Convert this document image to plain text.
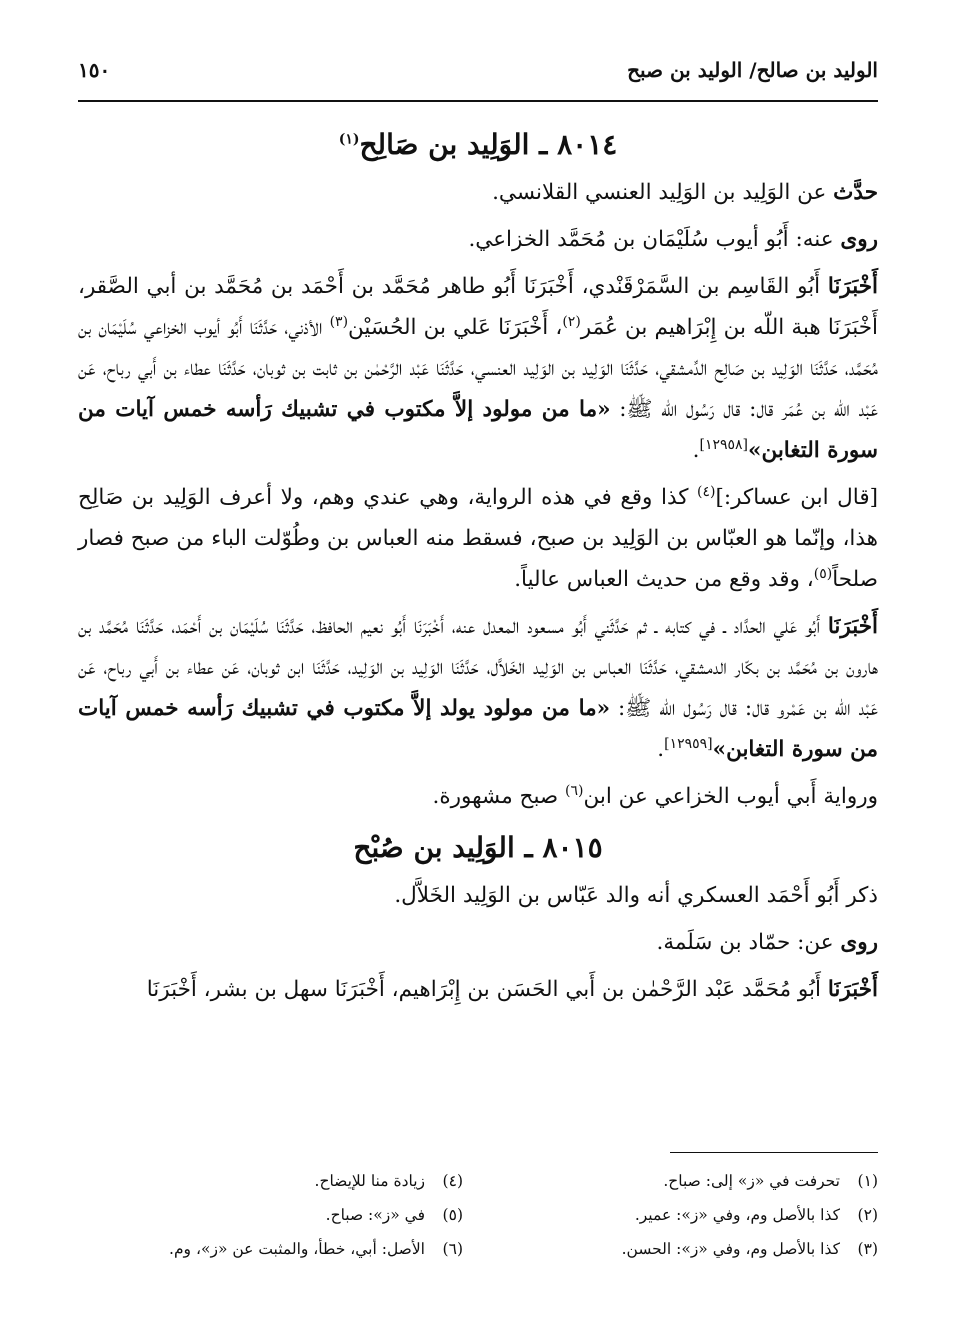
الوليد بن صالح/ الوليد بن صبح
١٥٠
٨٠١٤ ـ الوَلِيد بن صَالِح$^{(١)}$

حدَّث عن الوَلِيد بن الوَلِيد العنسي القلانسي.

روى عنه: أَبُو أيوب سُلَيْمَان بن مُحَمَّد الخزاعي.

أَخْبَرَنَا أَبُو القَاسِم بن السَّمَرْقَنْدي، أَخْبَرَنَا أَبُو طاهر مُحَمَّد بن أَحْمَد بن مُحَمَّد بن أبي الصَّقر، أَخْبَرَنَا هبة اللّه بن إِبْرَاهيم بن عُمَر$^{(٢)}$، أَخْبَرَنَا عَلي بن الحُسَيْن$^{(٣)}$ الأذني، حَدَّثَنَا أَبُو أيوب الخزاعي سُلَيْمَان بن مُحَمَّد، حَدَّثَنَا الوَلِيد بن صَالِح الدِّمشقي، حَدَّثَنَا الوَلِيد بن الوَلِيد العنسي، حَدَّثَنَا عَبْد الرَّحْمٰن بن ثابت بن ثوبان، حَدَّثَنَا عطاء بن أَبي رباح، عَن عَبْد اللّه بن عُمَر قال: قال رَسُول اللّه ﷺ: «ما من مولود إلاَّ مكتوب في تشبيك رَأسه خمس آيات من سورة التغابن»[١٢٩٥٨].

[قال ابن عساكر:]$^{(٤)}$ كذا وقع في هذه الرواية، وهي عندي وهم، ولا أعرف الوَلِيد بن صَالِح هذا، وإنّما هو العبّاس بن الوَلِيد بن صبح، فسقط منه العباس بن وطُوّلت الباء من صبح فصار صلحاً$^{(٥)}$، وقد وقع من حديث العباس عالياً.

أَخْبَرَنَا أَبُو عَلي الحدَّاد ـ في كتابه ـ ثم حَدَّثَني أَبُو مسعود المعدل عنه، أَخْبَرَنَا أَبُو نعيم الحافظ، حَدَّثَنَا سُلَيْمَان بن أَحْمَد، حَدَّثَنَا مُحَمَّد بن هارون بن مُحَمَّد بن بكّار الدمشقي، حَدَّثَنَا العباس بن الوَلِيد الخَلاَّل، حَدَّثَنَا الوَلِيد بن الوَلِيد، حَدَّثَنَا ابن ثوبان، عَن عطاء بن أَبي رباح، عَن عَبْد اللّه بن عَمْرو قال: قال رَسُول اللّه ﷺ: «ما من مولود يولد إلاَّ مكتوب في تشبيك رَأسه خمس آيات من سورة التغابن»[١٢٩٥٩].

ورواية أَبي أيوب الخزاعي عن ابن$^{(٦)}$ صبح مشهورة.

٨٠١٥ ـ الوَلِيد بن صُبْح

ذكر أَبُو أَحْمَد العسكري أنه والد عَبّاس بن الوَلِيد الخَلاَّل.

روى عن: حمّاد بن سَلَمة.

أَخْبَرَنَا أَبُو مُحَمَّد عَبْد الرَّحْمٰن بن أَبي الحَسَن بن إِبْرَاهيم، أَخْبَرَنَا سهل بن بشر، أَخْبَرَنَا

(١)
تحرفت في «ز» إلى: صباح.
(٤)
زيادة منا للإيضاح.
(٢)
كذا بالأصل وم، وفي «ز»: عمير.
(٥)
في «ز»: صباح.
(٣)
كذا بالأصل وم، وفي «ز»: الحسن.
(٦)
الأصل: أبي، خطأ، والمثبت عن «ز»، وم.
